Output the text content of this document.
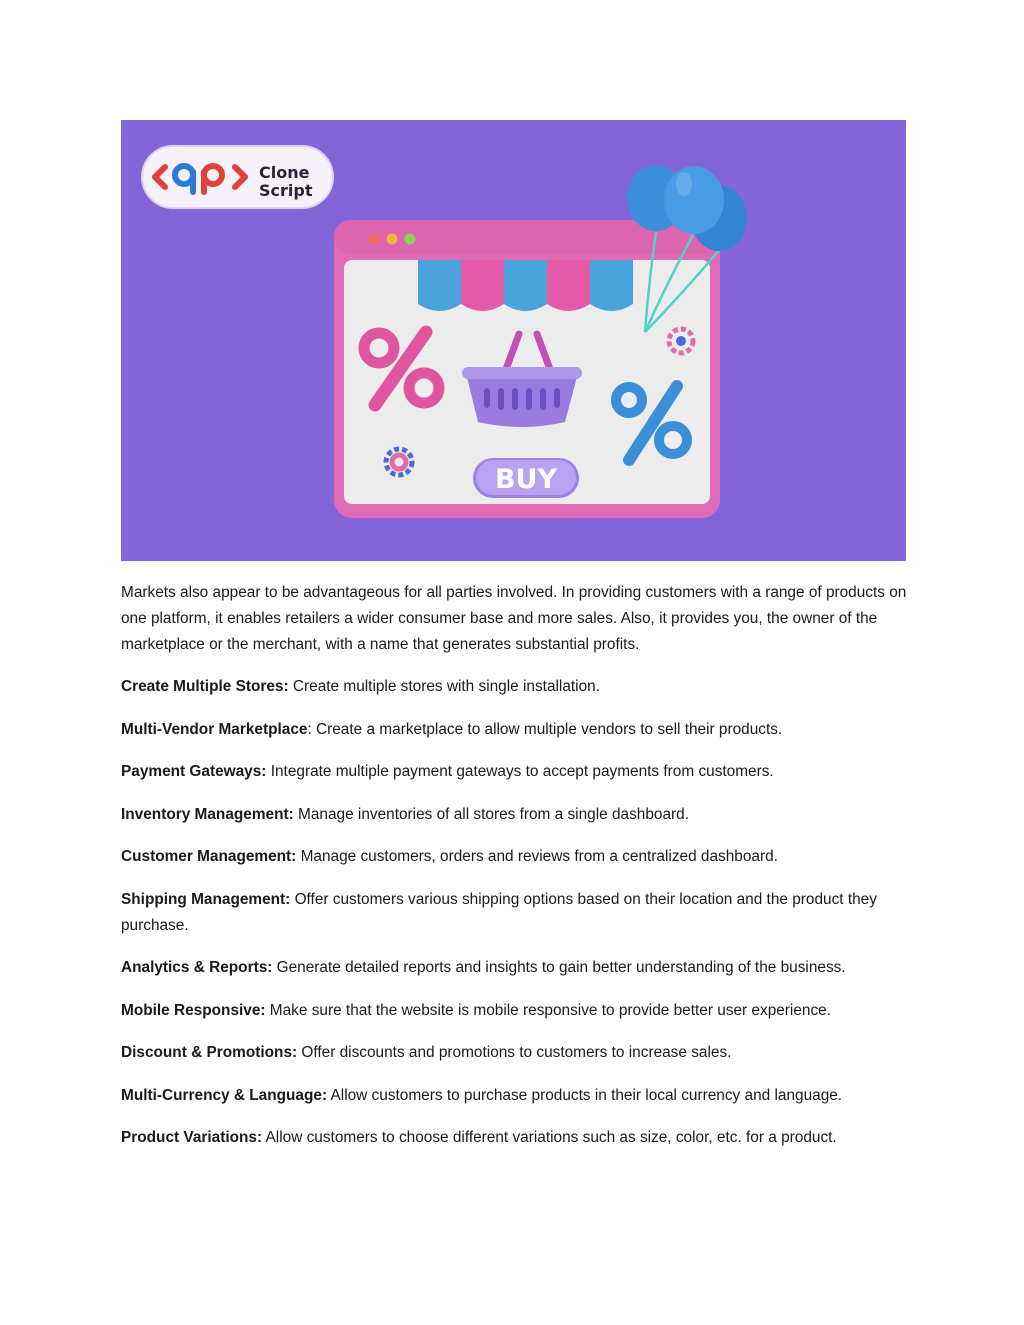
Clone
Script
BUY

Markets also appear to be advantageous for all parties involved. In providing customers with a range of products on one platform, it enables retailers a wider consumer base and more sales. Also, it provides you, the owner of the marketplace or the merchant, with a name that generates substantial profits.

Create Multiple Stores: Create multiple stores with single installation.

Multi-Vendor Marketplace: Create a marketplace to allow multiple vendors to sell their products.

Payment Gateways: Integrate multiple payment gateways to accept payments from customers.

Inventory Management: Manage inventories of all stores from a single dashboard.

Customer Management: Manage customers, orders and reviews from a centralized dashboard.

Shipping Management: Offer customers various shipping options based on their location and the product they purchase.

Analytics & Reports: Generate detailed reports and insights to gain better understanding of the business.

Mobile Responsive: Make sure that the website is mobile responsive to provide better user experience.

Discount & Promotions: Offer discounts and promotions to customers to increase sales.

Multi-Currency & Language: Allow customers to purchase products in their local currency and language.

Product Variations: Allow customers to choose different variations such as size, color, etc. for a product.
